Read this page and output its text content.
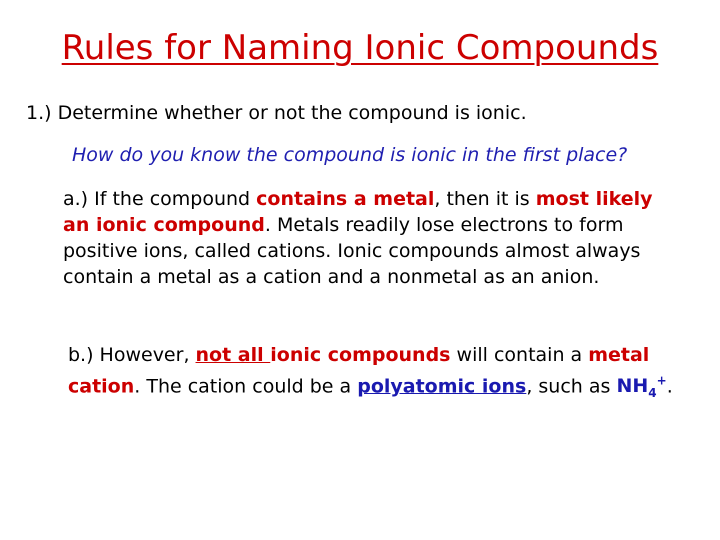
Rules for Naming Ionic Compounds
1.) Determine whether or not the compound is ionic.
How do you know the compound is ionic in the first place?
a.) If the compound contains a metal, then it is most likely an ionic compound. Metals readily lose electrons to form positive ions, called cations. Ionic compounds almost always contain a metal as a cation and a nonmetal as an anion.
b.) However, not all ionic compounds will contain a metal cation. The cation could be a polyatomic ions, such as $NH_4^+$.
